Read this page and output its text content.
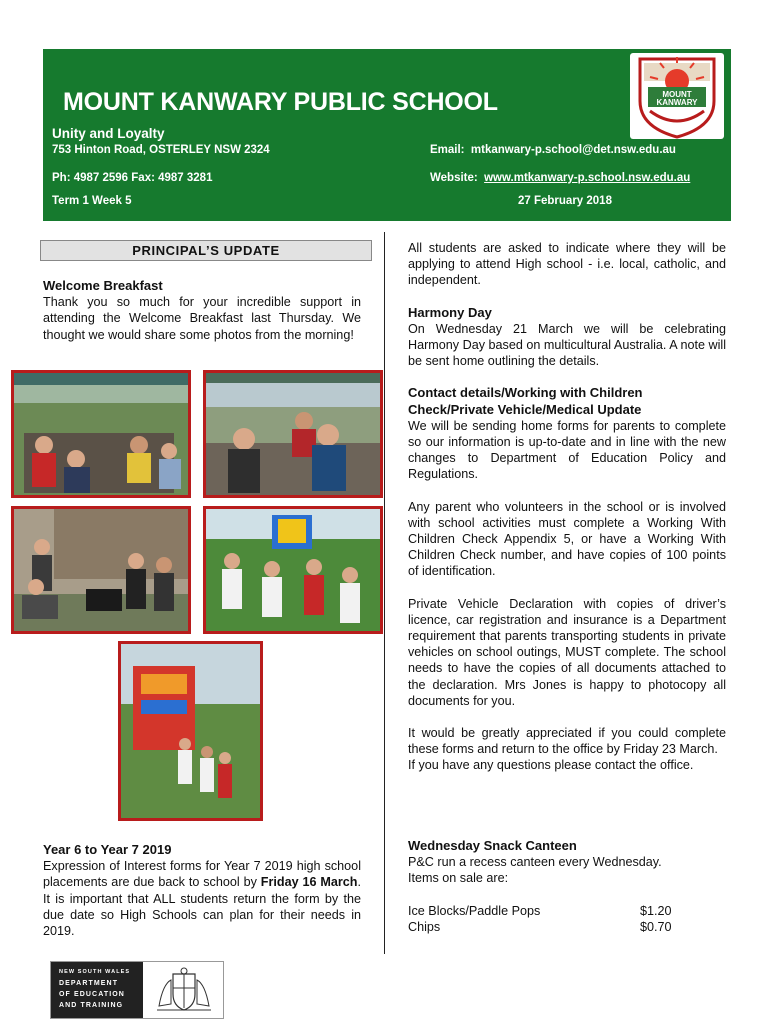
MOUNT KANWARY PUBLIC SCHOOL
Unity and Loyalty
753 Hinton Road, OSTERLEY NSW 2324	Email: mtkanwary-p.school@det.nsw.edu.au
Ph: 4987 2596 Fax: 4987 3281	Website: www.mtkanwary-p.school.nsw.edu.au
Term 1 Week 5	27 February 2018
MOUNT
KANWARY
PRINCIPAL’S UPDATE

Welcome Breakfast

Thank you so much for your incredible support in attending the Welcome Breakfast last Thursday. We thought we would share some photos from the morning!

Year 6 to Year 7 2019

Expression of Interest forms for Year 7 2019 high school placements are due back to school by Friday 16 March. It is important that ALL students return the form by the due date so High Schools can plan for their needs in 2019.

All students are asked to indicate where they will be applying to attend High school - i.e. local, catholic, and independent.

Harmony Day

On Wednesday 21 March we will be celebrating Harmony Day based on multicultural Australia. A note will be sent home outlining the details.

Contact details/Working with Children

Check/Private Vehicle/Medical Update

We will be sending home forms for parents to complete so our information is up-to-date and in line with the new changes to Department of Education Policy and Regulations.

Any parent who volunteers in the school or is involved with school activities must complete a Working With Children Check Appendix 5, or have a Working With Children Check number, and have copies of 100 points of identification.

Private Vehicle Declaration with copies of driver’s licence, car registration and insurance is a Department requirement that parents transporting students in private vehicles on school outings, MUST complete. The school needs to have the copies of all documents attached to the declaration. Mrs Jones is happy to photocopy all documents for you.

It would be greatly appreciated if you could complete these forms and return to the office by Friday 23 March.

If you have any questions please contact the office.

Wednesday Snack Canteen

P&C run a recess canteen every Wednesday.

Items on sale are:

Ice Blocks/Paddle Pops	$1.20
Chips	$0.70
NEW SOUTH WALES
DEPARTMENT
OF EDUCATION
AND TRAINING
